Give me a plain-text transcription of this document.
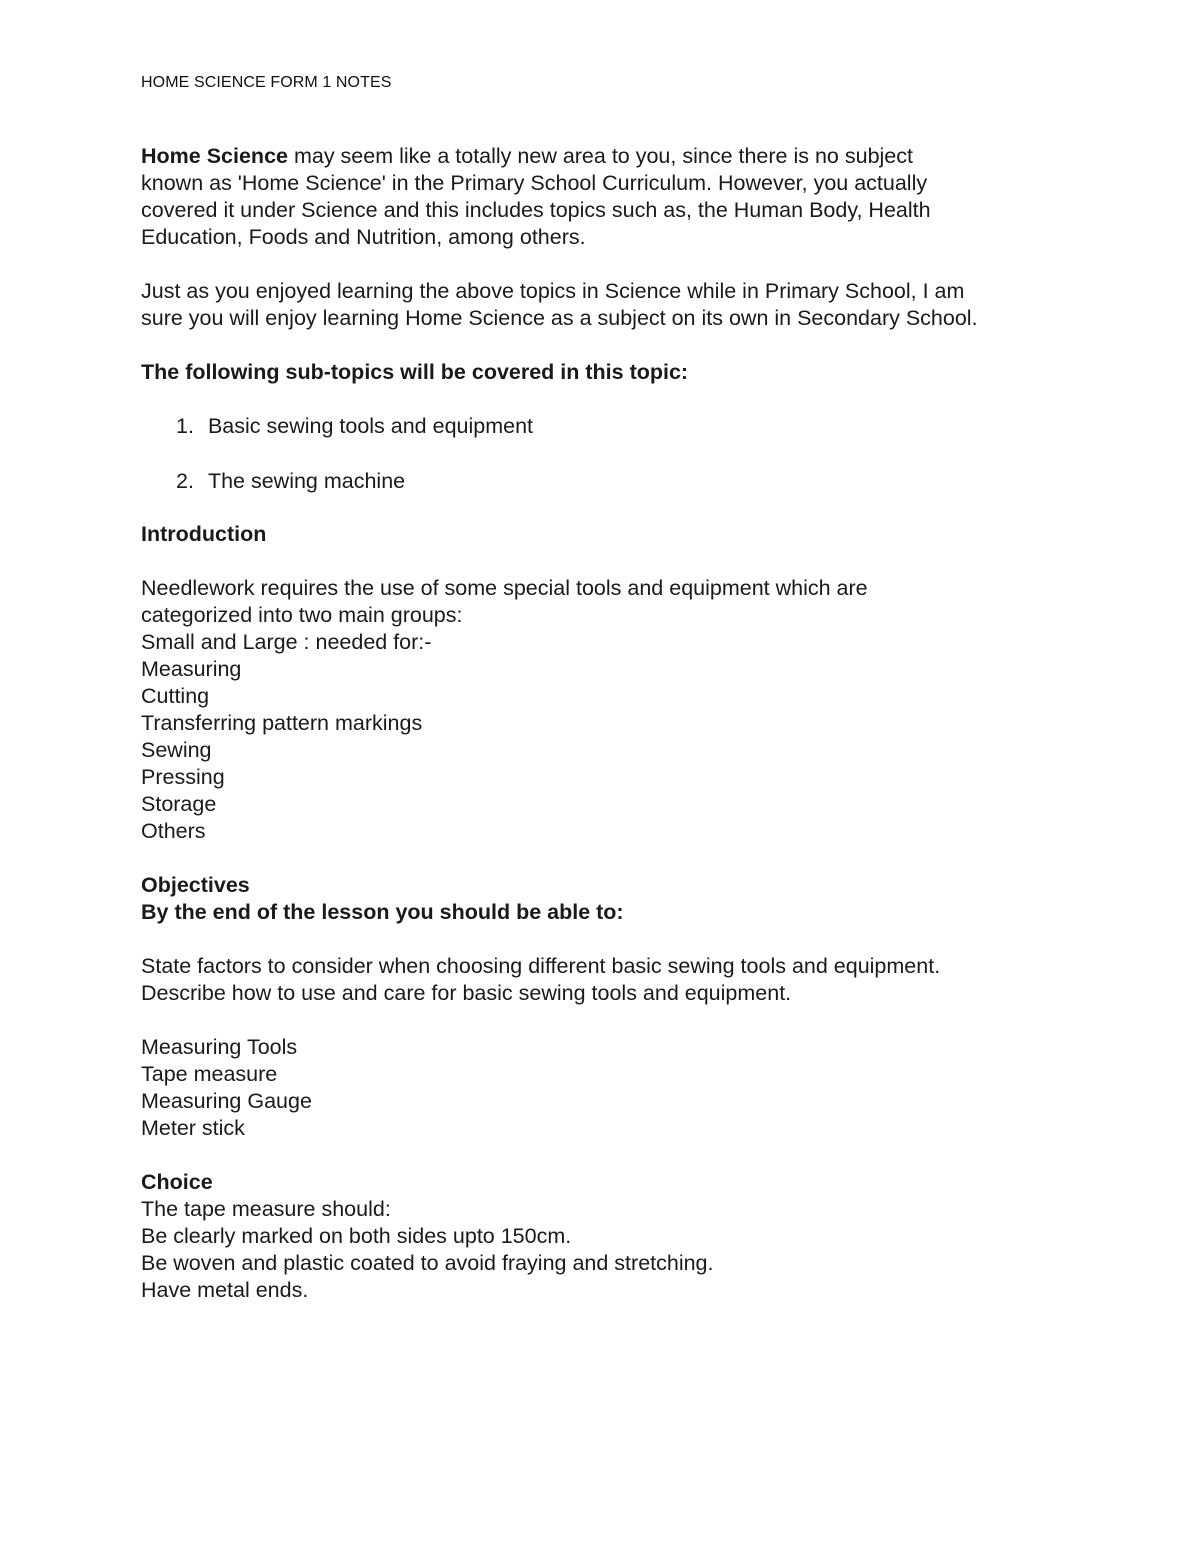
HOME SCIENCE FORM 1 NOTES
Home Science may seem like a totally new area to you, since there is no subject
known as 'Home Science' in the Primary School Curriculum. However, you actually
covered it under Science and this includes topics such as, the Human Body, Health
Education, Foods and Nutrition, among others.
Just as you enjoyed learning the above topics in Science while in Primary School, I am
sure you will enjoy learning Home Science as a subject on its own in Secondary School.
The following sub-topics will be covered in this topic:
1. Basic sewing tools and equipment
2. The sewing machine
Introduction
Needlework requires the use of some special tools and equipment which are
categorized into two main groups:
Small and Large : needed for:-
Measuring
Cutting
Transferring pattern markings
Sewing
Pressing
Storage
Others
Objectives
By the end of the lesson you should be able to:
State factors to consider when choosing different basic sewing tools and equipment.
Describe how to use and care for basic sewing tools and equipment.
Measuring Tools
Tape measure
Measuring Gauge
Meter stick
Choice
The tape measure should:
Be clearly marked on both sides upto 150cm.
Be woven and plastic coated to avoid fraying and stretching.
Have metal ends.
